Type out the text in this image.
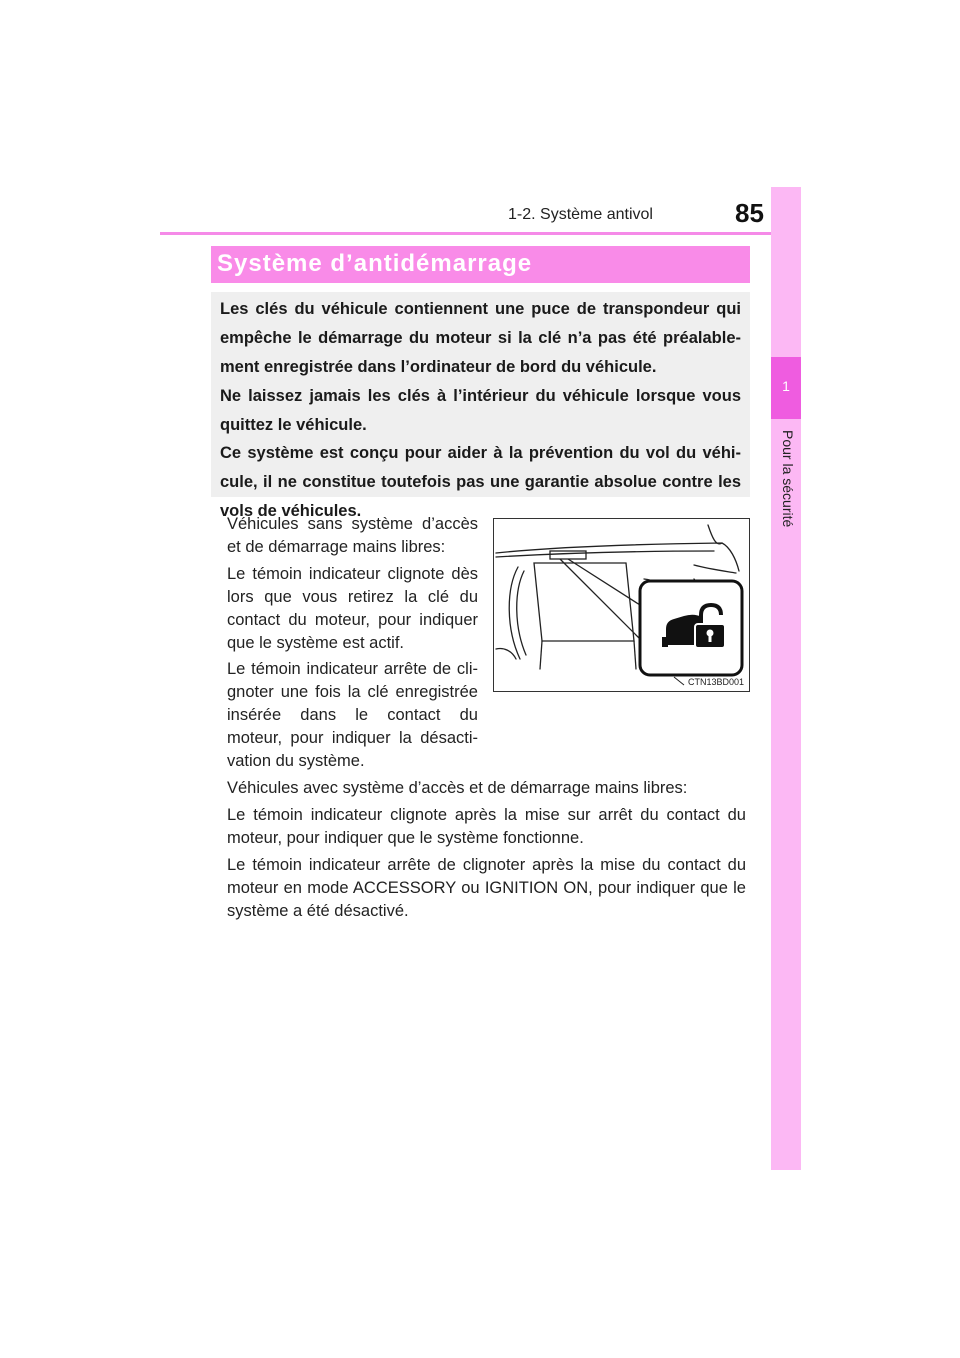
1-2. Système antivol	85
1
Pour la sécurité
Système d’antidémarrage

Les clés du véhicule contiennent une puce de transpondeur qui empêche le démarrage du moteur si la clé n’a pas été préalable-ment enregistrée dans l’ordinateur de bord du véhicule.

Ne laissez jamais les clés à l’intérieur du véhicule lorsque vous quittez le véhicule.

Ce système est conçu pour aider à la prévention du vol du véhi-cule, il ne constitue toutefois pas une garantie absolue contre les vols de véhicules.

Véhicules sans système d’accès et de démarrage mains libres:

Le témoin indicateur clignote dès lors que vous retirez la clé du contact du moteur, pour indiquer que le système est actif.

Le témoin indicateur arrête de cli-gnoter une fois la clé enregistrée insérée dans le contact du moteur, pour indiquer la désacti-vation du système.

CTN13BD001

Véhicules avec système d’accès et de démarrage mains libres:

Le témoin indicateur clignote après la mise sur arrêt du contact du moteur, pour indiquer que le système fonctionne.

Le témoin indicateur arrête de clignoter après la mise du contact du moteur en mode ACCESSORY ou IGNITION ON, pour indiquer que le système a été désactivé.
